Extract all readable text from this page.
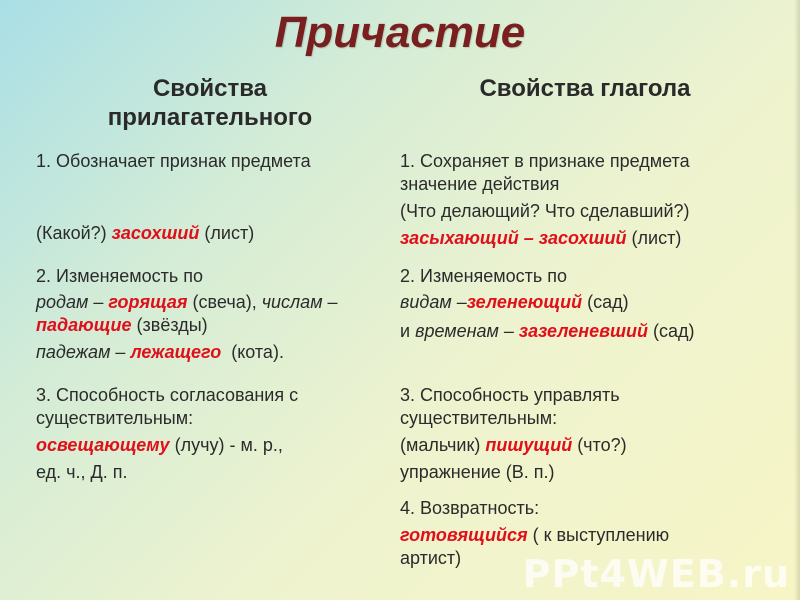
Причастие
Свойства
прилагательного
Свойства глагола
1. Обозначает признак предмета
(Какой?) засохший (лист)
2. Изменяемость по
родам – горящая (свеча), числам –
падающие (звёзды)
падежам – лежащего  (кота).
3. Способность согласования с
существительным:
освещающему (лучу) - м. р.,
ед. ч., Д. п.
1. Сохраняет в признаке предмета
значение действия
(Что делающий? Что сделавший?)
засыхающий – засохший (лист)
2. Изменяемость по
видам –зеленеющий (сад)
и временам – зазеленевший (сад)
3. Способность управлять
существительным:
(мальчик) пишущий (что?)
упражнение (В. п.)
4. Возвратность:
готовящийся ( к выступлению
артист) PPt4WEB.ru
